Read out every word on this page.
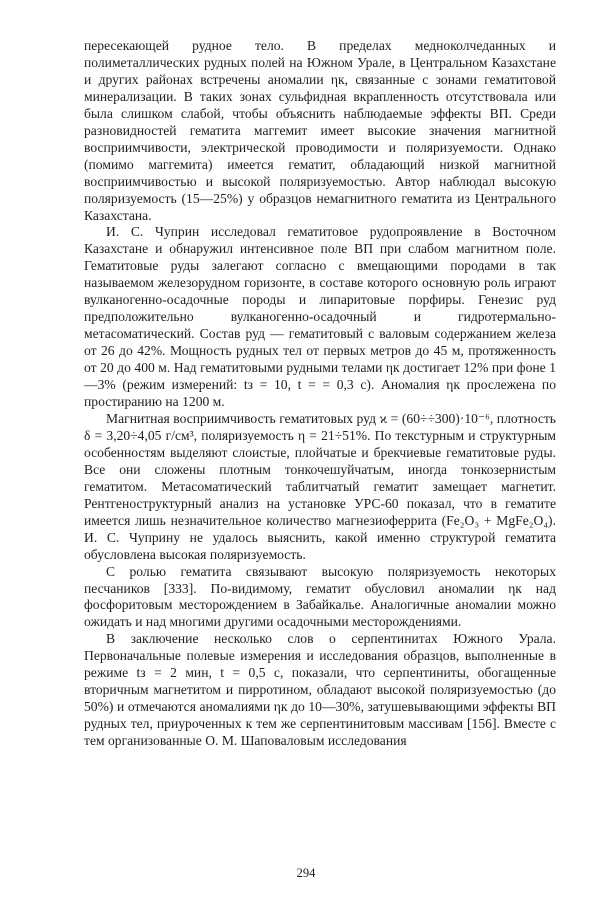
пересекающей рудное тело. В пределах медноколчеданных и полиметаллических рудных полей на Южном Урале, в Центральном Казахстане и других районах встречены аномалии ηк, связанные с зонами гематитовой минерализации. В таких зонах сульфидная вкрапленность отсутствовала или была слишком слабой, чтобы объяснить наблюдаемые эффекты ВП. Среди разновидностей гематита маггемит имеет высокие значения магнитной восприимчивости, электрической проводимости и поляризуемости. Однако (помимо маггемита) имеется гематит, обладающий низкой магнитной восприимчивостью и высокой поляризуемостью. Автор наблюдал высокую поляризуемость (15—25%) у образцов немагнитного гематита из Центрального Казахстана.

И. С. Чуприн исследовал гематитовое рудопроявление в Восточном Казахстане и обнаружил интенсивное поле ВП при слабом магнитном поле. Гематитовые руды залегают согласно с вмещающими породами в так называемом железорудном горизонте, в составе которого основную роль играют вулканогенно-осадочные породы и липаритовые порфиры. Генезис руд предположительно вулканогенно-осадочный и гидротермально-метасоматический. Состав руд — гематитовый с валовым содержанием железа от 26 до 42%. Мощность рудных тел от первых метров до 45 м, протяженность от 20 до 400 м. Над гематитовыми рудными телами ηк достигает 12% при фоне 1—3% (режим измерений: tз = 10, t = = 0,3 с). Аномалия ηк прослежена по простиранию на 1200 м.

Магнитная восприимчивость гематитовых руд ϰ = (60÷÷300)·10⁻⁶, плотность δ = 3,20÷4,05 г/см³, поляризуемость η = 21÷51%. По текстурным и структурным особенностям выделяют слоистые, плойчатые и брекчиевые гематитовые руды. Все они сложены плотным тонкочешуйчатым, иногда тонкозернистым гематитом. Метасоматический таблитчатый гематит замещает магнетит. Рентгеноструктурный анализ на установке УРС-60 показал, что в гематите имеется лишь незначительное количество магнезиоферрита (Fe₂O₃ + MgFe₂O₄). И. С. Чуприну не удалось выяснить, какой именно структурой гематита обусловлена высокая поляризуемость.

С ролью гематита связывают высокую поляризуемость некоторых песчаников [333]. По-видимому, гематит обусловил аномалии ηк над фосфоритовым месторождением в Забайкалье. Аналогичные аномалии можно ожидать и над многими другими осадочными месторождениями.

В заключение несколько слов о серпентинитах Южного Урала. Первоначальные полевые измерения и исследования образцов, выполненные в режиме tз = 2 мин, t = 0,5 с, показали, что серпентиниты, обогащенные вторичным магнетитом и пирротином, обладают высокой поляризуемостью (до 50%) и отмечаются аномалиями ηк до 10—30%, затушевывающими эффекты ВП рудных тел, приуроченных к тем же серпентинитовым массивам [156]. Вместе с тем организованные О. М. Шаповаловым исследования

294
